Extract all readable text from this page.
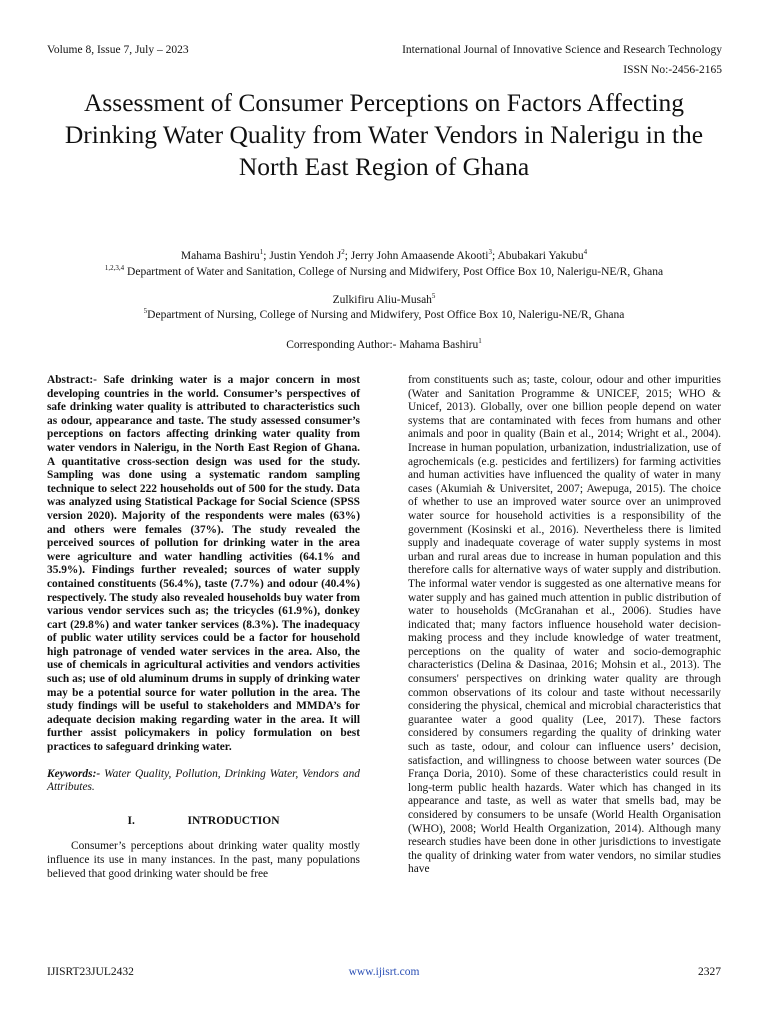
Volume 8, Issue 7, July – 2023	International Journal of Innovative Science and Research Technology
ISSN No:-2456-2165
Assessment of Consumer Perceptions on Factors Affecting Drinking Water Quality from Water Vendors in Nalerigu in the North East Region of Ghana
Mahama Bashiru$^1$; Justin Yendoh $J^2$; Jerry John Amaasende Akooti$^3$; Abubakari Yakubu$^4$
$^{1,2,3,4}$ Department of Water and Sanitation, College of Nursing and Midwifery, Post Office Box 10, Nalerigu-NE/R, Ghana
Zulkifiru Aliu-Musah$^5$
$^5$Department of Nursing, College of Nursing and Midwifery, Post Office Box 10, Nalerigu-NE/R, Ghana
Corresponding Author:- Mahama Bashiru$^1$

Abstract:- Safe drinking water is a major concern in most developing countries in the world. Consumer’s perspectives of safe drinking water quality is attributed to characteristics such as odour, appearance and taste. The study assessed consumer’s perceptions on factors affecting drinking water quality from water vendors in Nalerigu, in the North East Region of Ghana. A quantitative cross-section design was used for the study. Sampling was done using a systematic random sampling technique to select 222 households out of 500 for the study. Data was analyzed using Statistical Package for Social Science (SPSS version 2020). Majority of the respondents were males (63%) and others were females (37%). The study revealed the perceived sources of pollution for drinking water in the area were agriculture and water handling activities (64.1% and 35.9%). Findings further revealed; sources of water supply contained constituents (56.4%), taste (7.7%) and odour (40.4%) respectively. The study also revealed households buy water from various vendor services such as; the tricycles (61.9%), donkey cart (29.8%) and water tanker services (8.3%). The inadequacy of public water utility services could be a factor for household high patronage of vended water services in the area. Also, the use of chemicals in agricultural activities and vendors activities such as; use of old aluminum drums in supply of drinking water may be a potential source for water pollution in the area. The study findings will be useful to stakeholders and MMDA’s for adequate decision making regarding water in the area. It will further assist policymakers in policy formulation on best practices to safeguard drinking water.

Keywords:- Water Quality, Pollution, Drinking Water, Vendors and Attributes.

I.	INTRODUCTION

Consumer’s perceptions about drinking water quality mostly influence its use in many instances. In the past, many populations believed that good drinking water should be free

from constituents such as; taste, colour, odour and other impurities (Water and Sanitation Programme & UNICEF, 2015; WHO & Unicef, 2013). Globally, over one billion people depend on water systems that are contaminated with feces from humans and other animals and poor in quality (Bain et al., 2014; Wright et al., 2004). Increase in human population, urbanization, industrialization, use of agrochemicals (e.g. pesticides and fertilizers) for farming activities and human activities have influenced the quality of water in many cases (Akumiah & Universitet, 2007; Awepuga, 2015). The choice of whether to use an improved water source over an unimproved water source for household activities is a responsibility of the government (Kosinski et al., 2016). Nevertheless there is limited supply and inadequate coverage of water supply systems in most urban and rural areas due to increase in human population and this therefore calls for alternative ways of water supply and distribution. The informal water vendor is suggested as one alternative means for water supply and has gained much attention in public distribution of water to households (McGranahan et al., 2006). Studies have indicated that; many factors influence household water decision-making process and they include knowledge of water treatment, perceptions on the quality of water and socio-demographic characteristics (Delina & Dasinaa, 2016; Mohsin et al., 2013). The consumers' perspectives on drinking water quality are through common observations of its colour and taste without necessarily considering the physical, chemical and microbial characteristics that guarantee water a good quality (Lee, 2017). These factors considered by consumers regarding the quality of drinking water such as taste, odour, and colour can influence users’ decision, satisfaction, and willingness to choose between water sources (De França Doria, 2010). Some of these characteristics could result in long-term public health hazards. Water which has changed in its appearance and taste, as well as water that smells bad, may be considered by consumers to be unsafe (World Health Organisation (WHO), 2008; World Health Organization, 2014). Although many research studies have been done in other jurisdictions to investigate the quality of drinking water from water vendors, no similar studies have

IJISRT23JUL2432	www.ijisrt.com	2327
